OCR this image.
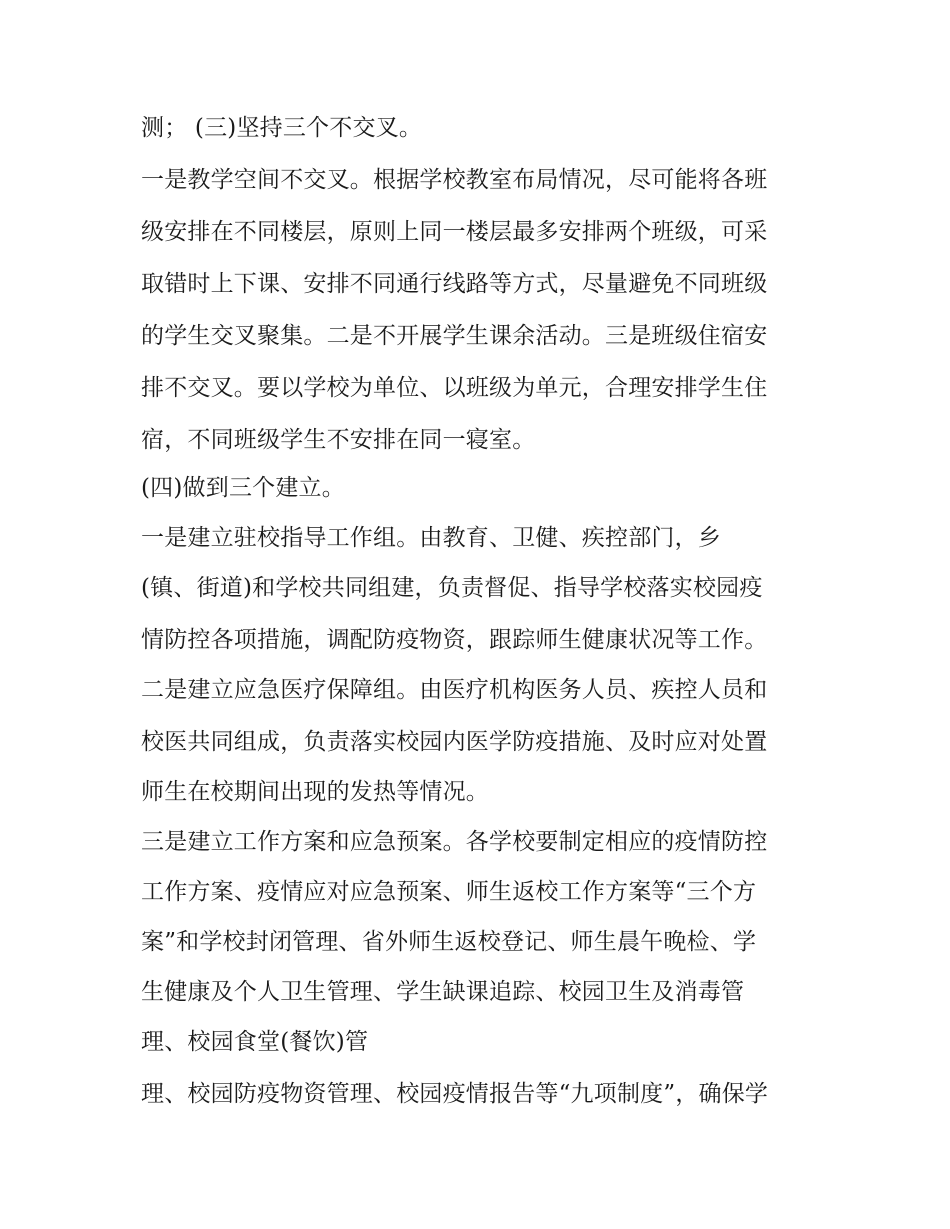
测； (三)坚持三个不交叉。

一是教学空间不交叉。根据学校教室布局情况，尽可能将各班

级安排在不同楼层，原则上同一楼层最多安排两个班级，可采

取错时上下课、安排不同通行线路等方式，尽量避免不同班级

的学生交叉聚集。二是不开展学生课余活动。三是班级住宿安

排不交叉。要以学校为单位、以班级为单元，合理安排学生住

宿，不同班级学生不安排在同一寝室。

(四)做到三个建立。

一是建立驻校指导工作组。由教育、卫健、疾控部门，乡

(镇、街道)和学校共同组建，负责督促、指导学校落实校园疫

情防控各项措施，调配防疫物资，跟踪师生健康状况等工作。

二是建立应急医疗保障组。由医疗机构医务人员、疾控人员和

校医共同组成，负责落实校园内医学防疫措施、及时应对处置

师生在校期间出现的发热等情况。

三是建立工作方案和应急预案。各学校要制定相应的疫情防控

工作方案、疫情应对应急预案、师生返校工作方案等“三个方

案”和学校封闭管理、省外师生返校登记、师生晨午晚检、学

生健康及个人卫生管理、学生缺课追踪、校园卫生及消毒管

理、校园食堂(餐饮)管

理、校园防疫物资管理、校园疫情报告等“九项制度”，确保学
